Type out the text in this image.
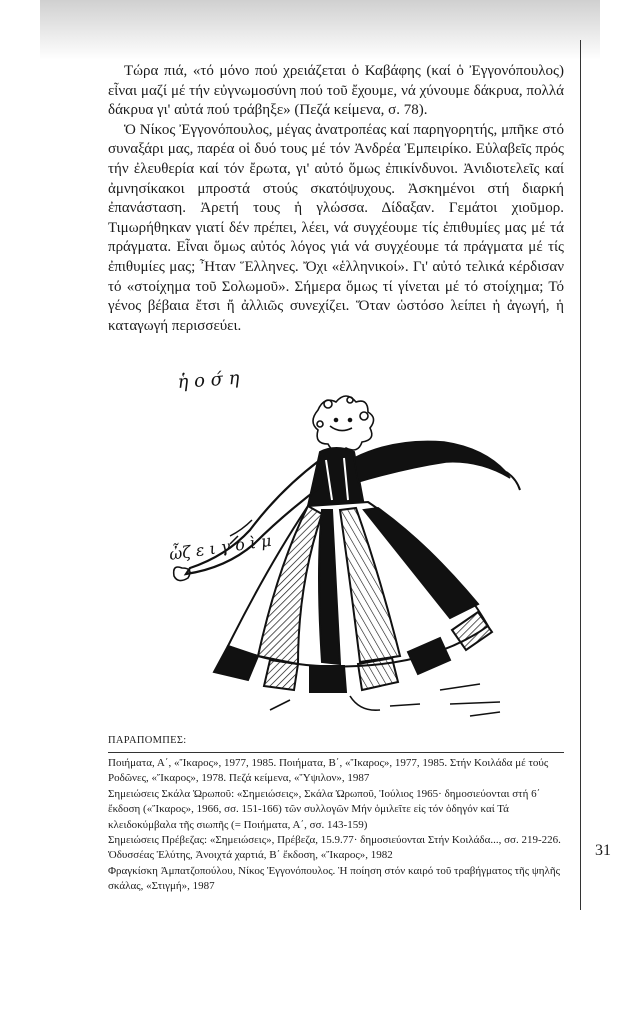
Τώρα πιά, «τό μόνο πού χρειάζεται ὁ Καβάφης (καί ὁ Ἐγγονόπουλος) εἶναι μαζί μέ τήν εὐγνωμοσύνη πού τοῦ ἔχουμε, νά χύνουμε δάκρυα, πολλά δάκρυα γι' αὐτά πού τράβηξε» (Πεζά κείμενα, σ. 78).

Ὁ Νίκος Ἐγγονόπουλος, μέγας ἀνατροπέας καί παρηγορητής, μπῆκε στό συναξάρι μας, παρέα οἱ δυό τους μέ τόν Ἀνδρέα Ἐμπειρίκο. Εὐλαβεῖς πρός τήν ἐλευθερία καί τόν ἔρωτα, γι' αὐτό ὅμως ἐπικίνδυνοι. Ἀνιδιοτελεῖς καί ἀμνησίκακοι μπροστά στούς σκατόψυχους. Ἀσκημένοι στή διαρκή ἐπανάσταση. Ἀρετή τους ἡ γλώσσα. Δίδαξαν. Γεμάτοι χιοῦμορ. Τιμωρήθηκαν γιατί δέν πρέπει, λέει, νά συγχέουμε τίς ἐπιθυμίες μας μέ τά πράγματα. Εἶναι ὅμως αὐτός λόγος γιά νά συγχέουμε τά πράγματα μέ τίς ἐπιθυμίες μας; Ἦταν Ἕλληνες. Ὄχι «ἑλληνικοί». Γι' αὐτό τελικά κέρδισαν τό «στοίχημα τοῦ Σολωμοῦ». Σήμερα ὅμως τί γίνεται μέ τό στοίχημα; Τό γένος βέβαια ἔτσι ἤ ἀλλιῶς συνεχίζει. Ὅταν ὡστόσο λείπει ἡ ἀγωγή, ἡ καταγωγή περισσεύει.

ἡ ο σ́ η
ὦζ ε ι γ ο ὶ μ
ΠΑΡΑΠΟΜΠΕΣ:

Ποιήματα, Α΄, «Ἴκαρος», 1977, 1985. Ποιήματα, Β΄, «Ἴκαρος», 1977, 1985. Στήν Κοιλάδα μέ τούς Ροδῶνες, «Ἴκαρος», 1978. Πεζά κείμενα, «Ὕψιλον», 1987

Σημειώσεις Σκάλα Ὠρωποῦ: «Σημειώσεις», Σκάλα Ὠρωποῦ, Ἰούλιος 1965· δημοσιεύονται στή 6΄ ἔκδοση («Ἴκαρος», 1966, σσ. 151-166) τῶν συλλογῶν Μήν ὁμιλεῖτε εἰς τόν ὁδηγόν καί Τά κλειδοκύμβαλα τῆς σιωπῆς (= Ποιήματα, Α΄, σσ. 143-159)

Σημειώσεις Πρέβεζας: «Σημειώσεις», Πρέβεζα, 15.9.77· δημοσιεύονται Στήν Κοιλάδα..., σσ. 219-226.

Ὀδυσσέας Ἐλύτης, Ἀνοιχτά χαρτιά, Β΄ ἔκδοση, «Ἴκαρος», 1982

Φραγκίσκη Ἀμπατζοπούλου, Νίκος Ἐγγονόπουλος. Ἡ ποίηση στόν καιρό τοῦ τραβήγματος τῆς ψηλῆς σκάλας, «Στιγμή», 1987

31
